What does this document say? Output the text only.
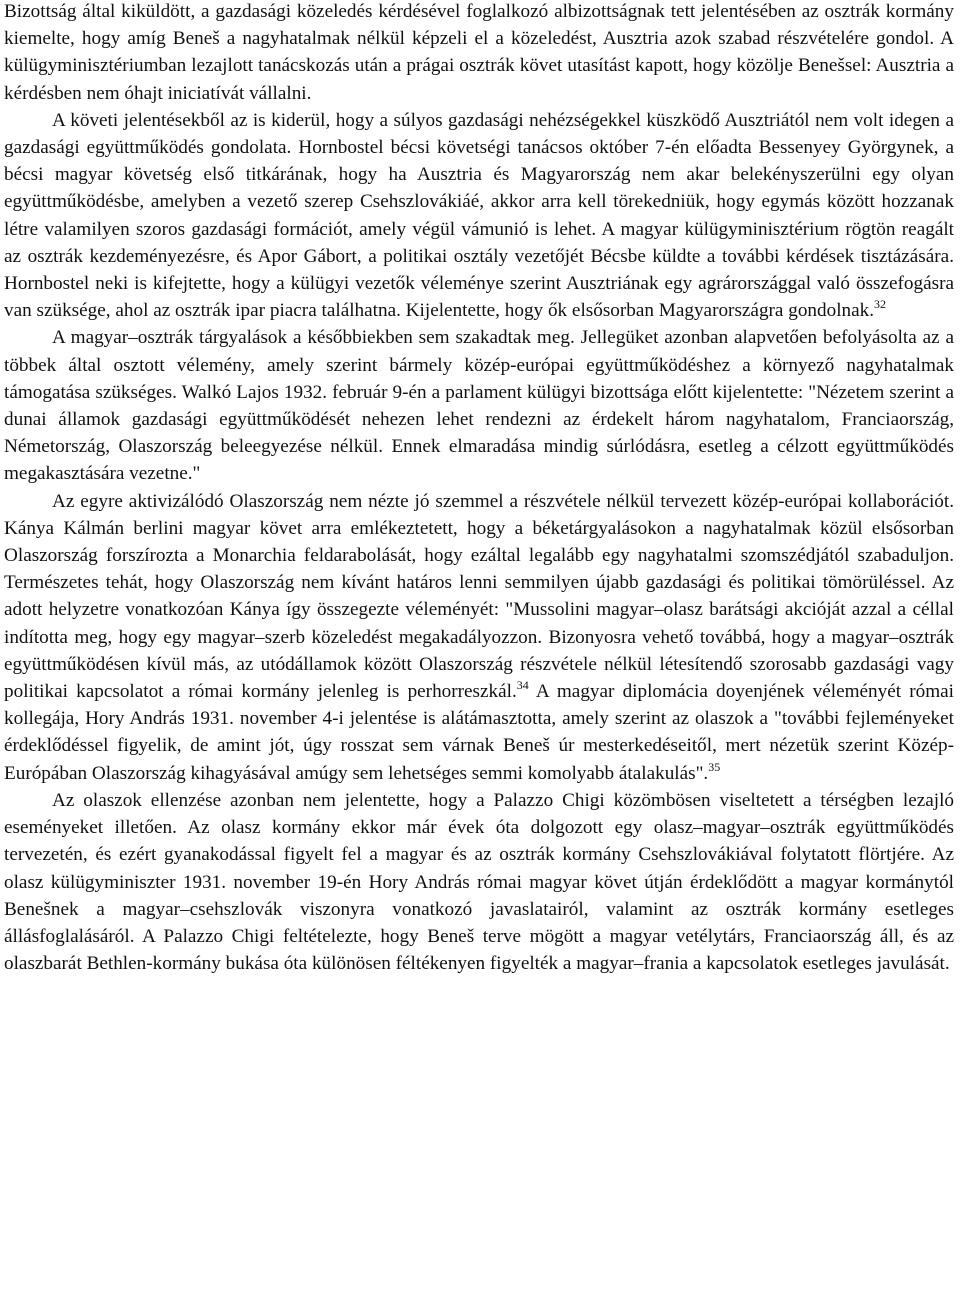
Bizottság által kiküldött, a gazdasági közeledés kérdésével foglalkozó albizottságnak tett jelentésében az osztrák kormány kiemelte, hogy amíg Beneš a nagyhatalmak nélkül képzeli el a közeledést, Ausztria azok szabad részvételére gondol. A külügyminisztériumban lezajlott tanácskozás után a prágai osztrák követ utasítást kapott, hogy közölje Benešsel: Ausztria a kérdésben nem óhajt iniciatívát vállalni.

A követi jelentésekből az is kiderül, hogy a súlyos gazdasági nehézségekkel küszködő Ausztriától nem volt idegen a gazdasági együttműködés gondolata. Hornbostel bécsi követségi tanácsos október 7-én előadta Bessenyey Györgynek, a bécsi magyar követség első titkárának, hogy ha Ausztria és Magyarország nem akar belekényszerülni egy olyan együttműködésbe, amelyben a vezető szerep Csehszlovákiáé, akkor arra kell törekedniük, hogy egymás között hozzanak létre valamilyen szoros gazdasági formációt, amely végül vámunió is lehet. A magyar külügyminisztérium rögtön reagált az osztrák kezdeményezésre, és Apor Gábort, a politikai osztály vezetőjét Bécsbe küldte a további kérdések tisztázására. Hornbostel neki is kifejtette, hogy a külügyi vezetők véleménye szerint Ausztriának egy agrárországgal való összefogásra van szüksége, ahol az osztrák ipar piacra találhatna. Kijelentette, hogy ők elsősorban Magyarországra gondolnak.$^{32}$

A magyar–osztrák tárgyalások a későbbiekben sem szakadtak meg. Jellegüket azonban alapvetően befolyásolta az a többek által osztott vélemény, amely szerint bármely közép-európai együttműködéshez a környező nagyhatalmak támogatása szükséges. Walkó Lajos 1932. február 9-én a parlament külügyi bizottsága előtt kijelentette: "Nézetem szerint a dunai államok gazdasági együttműködését nehezen lehet rendezni az érdekelt három nagyhatalom, Franciaország, Németország, Olaszország beleegyezése nélkül. Ennek elmaradása mindig súrlódásra, esetleg a célzott együttműködés megakasztására vezetne."

Az egyre aktivizálódó Olaszország nem nézte jó szemmel a részvétele nélkül tervezett közép-európai kollaborációt. Kánya Kálmán berlini magyar követ arra emlékeztetett, hogy a béketárgyalásokon a nagyhatalmak közül elsősorban Olaszország forszírozta a Monarchia feldarabolását, hogy ezáltal legalább egy nagyhatalmi szomszédjától szabaduljon. Természetes tehát, hogy Olaszország nem kívánt határos lenni semmilyen újabb gazdasági és politikai tömörüléssel. Az adott helyzetre vonatkozóan Kánya így összegezte véleményét: "Mussolini magyar–olasz barátsági akcióját azzal a céllal indította meg, hogy egy magyar–szerb közeledést megakadályozzon. Bizonyosra vehető továbbá, hogy a magyar–osztrák együttműködésen kívül más, az utódállamok között Olaszország részvétele nélkül létesítendő szorosabb gazdasági vagy politikai kapcsolatot a római kormány jelenleg is perhorreszkál.$^{34}$ A magyar diplomácia doyenjének véleményét római kollegája, Hory András 1931. november 4-i jelentése is alátámasztotta, amely szerint az olaszok a "további fejleményeket érdeklődéssel figyelik, de amint jót, úgy rosszat sem várnak Beneš úr mesterkedéseitől, mert nézetük szerint Közép-Európában Olaszország kihagyásával amúgy sem lehetséges semmi komolyabb átalakulás".$^{35}$

Az olaszok ellenzése azonban nem jelentette, hogy a Palazzo Chigi közömbösen viseltetett a térségben lezajló eseményeket illetően. Az olasz kormány ekkor már évek óta dolgozott egy olasz–magyar–osztrák együttműködés tervezetén, és ezért gyanakodással figyelt fel a magyar és az osztrák kormány Csehszlovákiával folytatott flörtjére. Az olasz külügyminiszter 1931. november 19-én Hory András római magyar követ útján érdeklődött a magyar kormánytól Benešnek a magyar–csehszlovák viszonyra vonatkozó javaslatairól, valamint az osztrák kormány esetleges állásfoglalásáról. A Palazzo Chigi feltételezte, hogy Beneš terve mögött a magyar vetélytárs, Franciaország áll, és az olaszbarát Bethlen-kormány bukása óta különösen féltékenyen figyelték a magyar–frania a kapcsolatok esetleges javulását.
